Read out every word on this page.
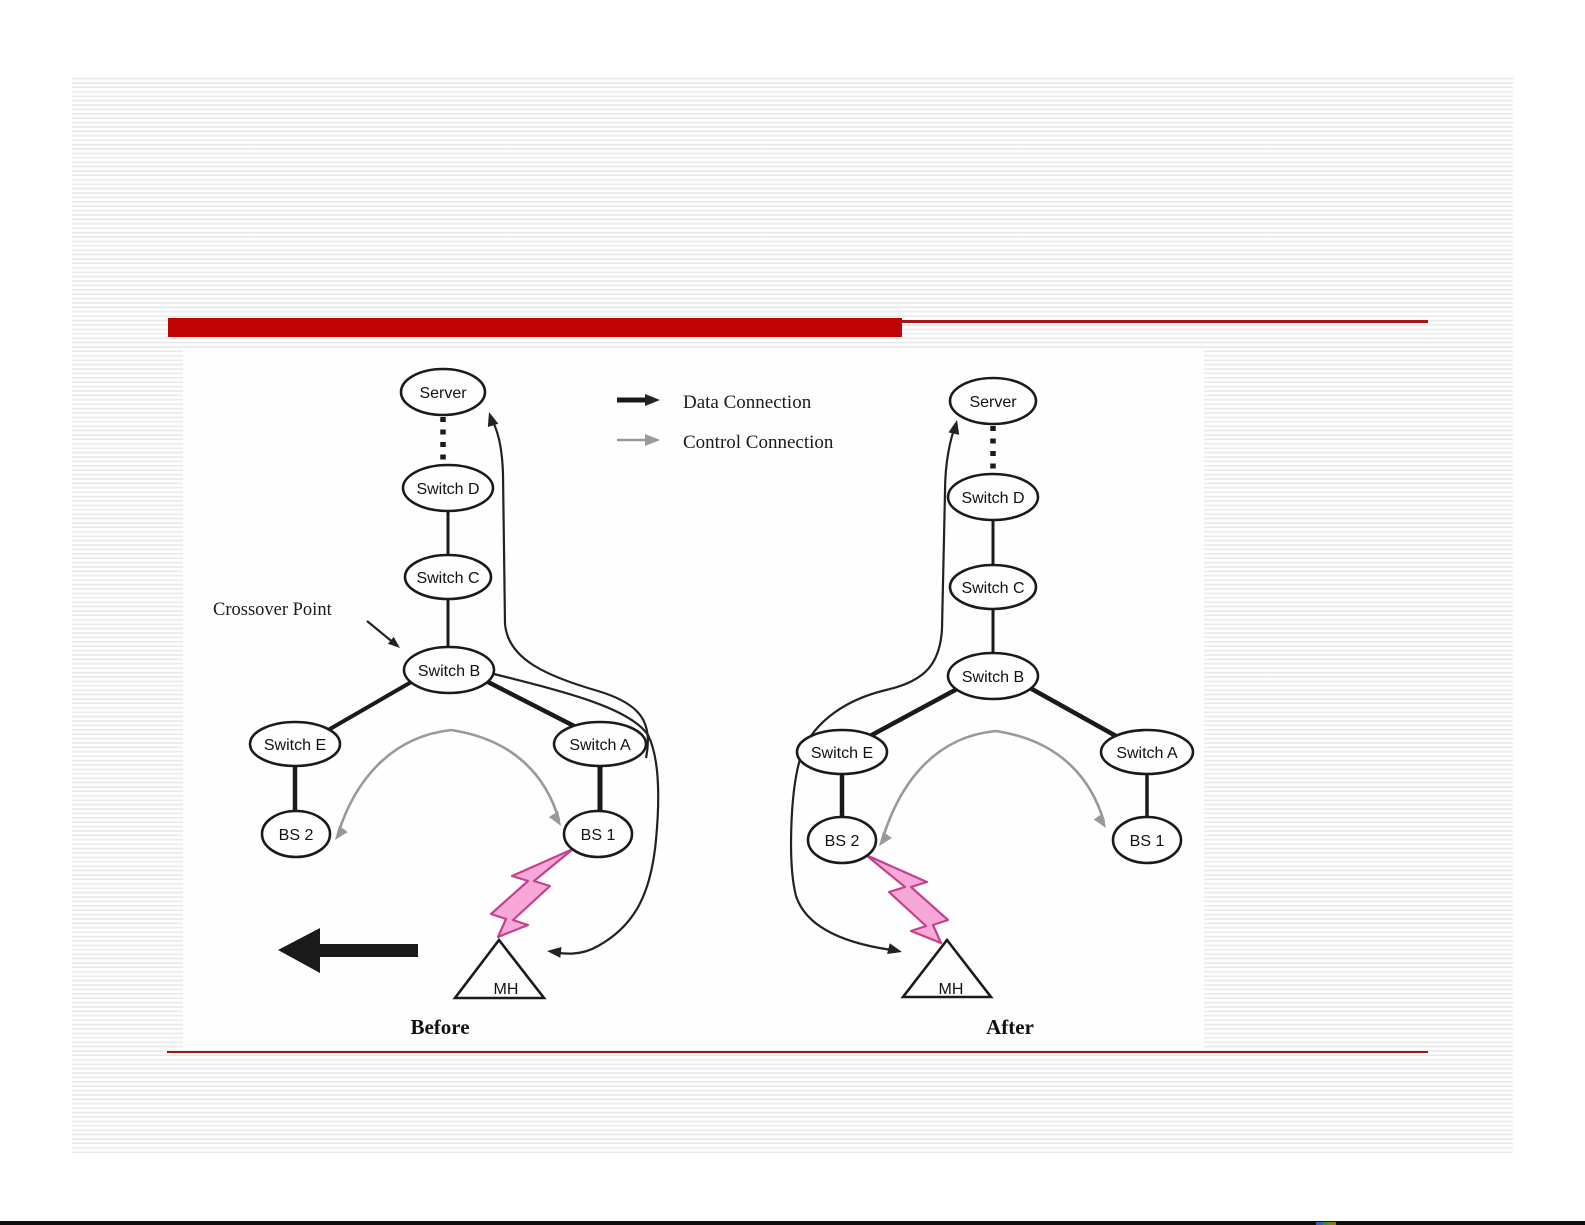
Data Connection
Control Connection
Server
Switch D
Switch C
Switch B
Switch E	Switch A
BS 2	BS 1
MH
Crossover Point
Before
Server
Switch D
Switch C
Switch B
Switch E	Switch A
BS 2	BS 1
MH
After
